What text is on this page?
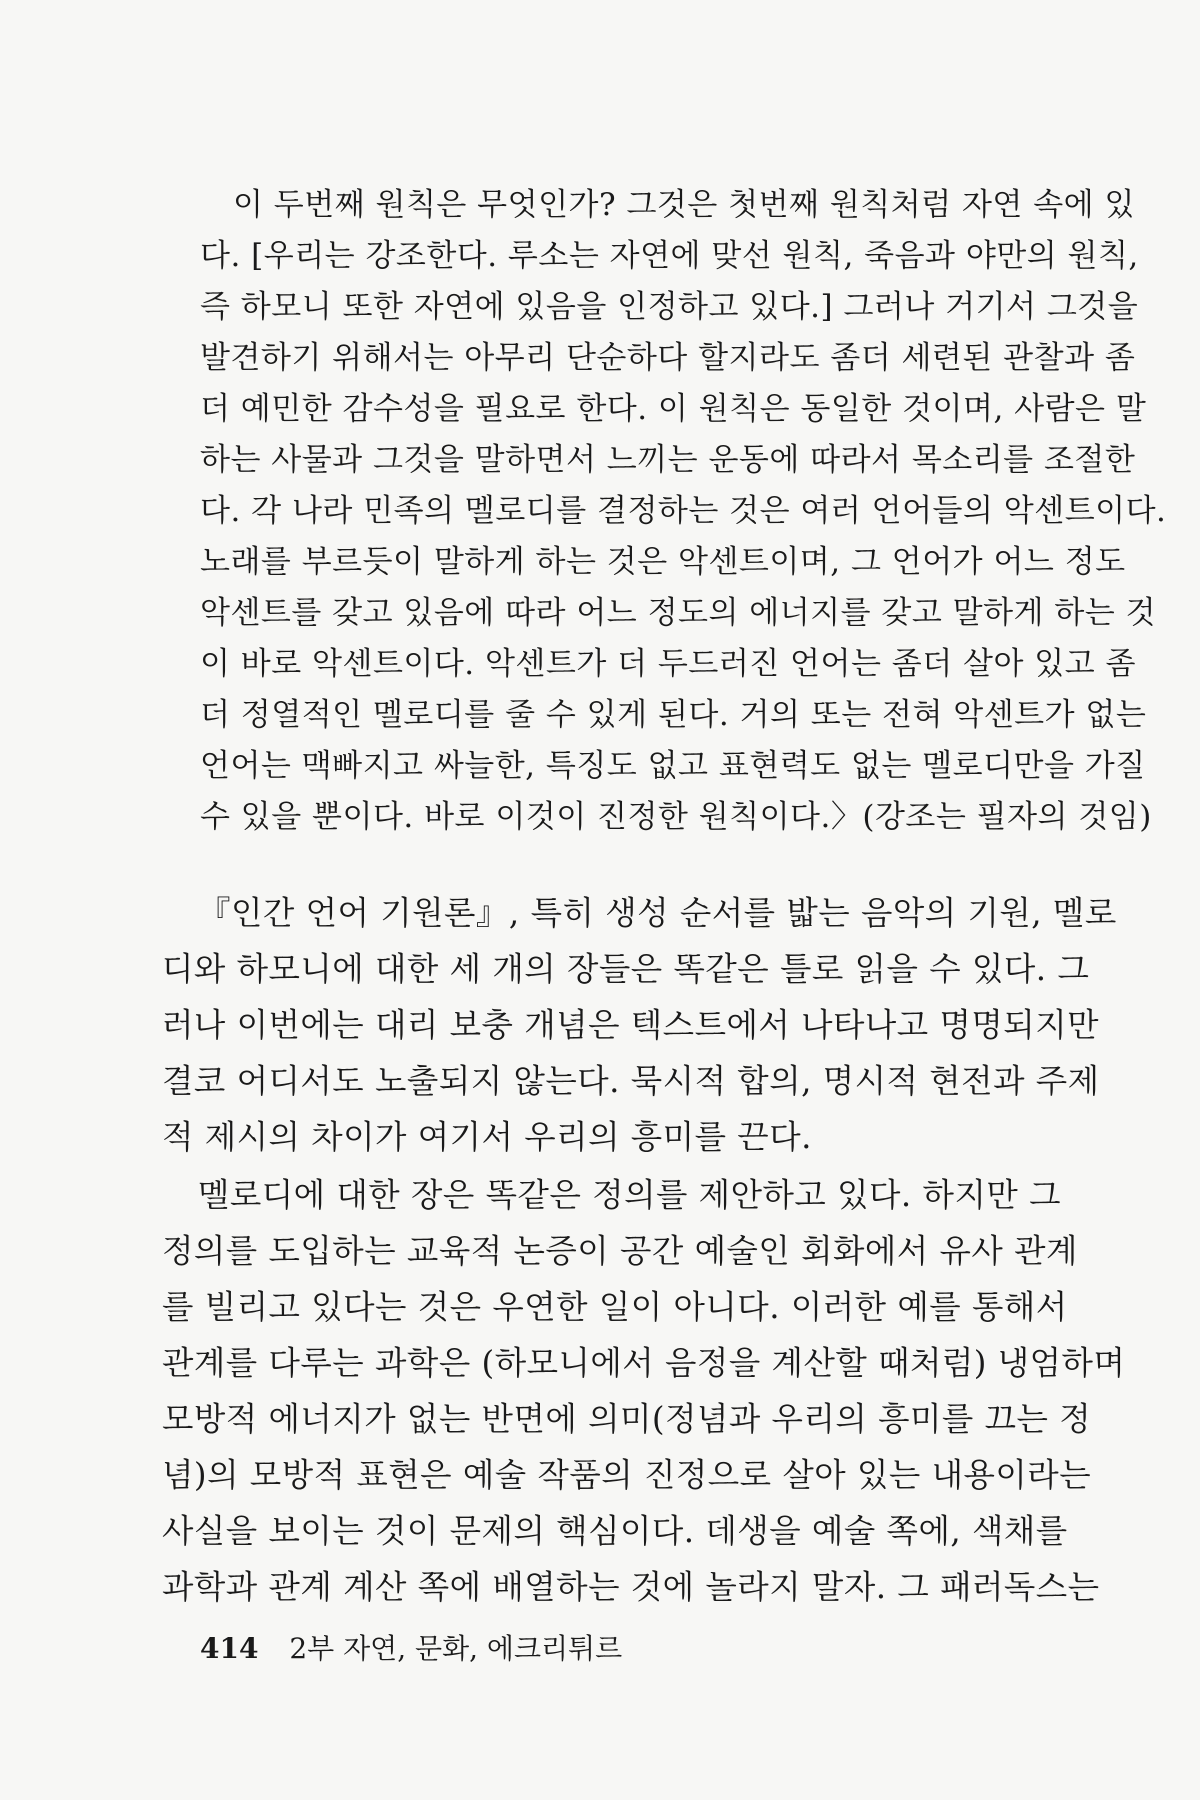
이 두번째 원칙은 무엇인가? 그것은 첫번째 원칙처럼 자연 속에 있
다. [우리는 강조한다. 루소는 자연에 맞선 원칙, 죽음과 야만의 원칙,
즉 하모니 또한 자연에 있음을 인정하고 있다.] 그러나 거기서 그것을
발견하기 위해서는 아무리 단순하다 할지라도 좀더 세련된 관찰과 좀
더 예민한 감수성을 필요로 한다. 이 원칙은 동일한 것이며, 사람은 말
하는 사물과 그것을 말하면서 느끼는 운동에 따라서 목소리를 조절한
다. 각 나라 민족의 멜로디를 결정하는 것은 여러 언어들의 악센트이다.
노래를 부르듯이 말하게 하는 것은 악센트이며, 그 언어가 어느 정도
악센트를 갖고 있음에 따라 어느 정도의 에너지를 갖고 말하게 하는 것
이 바로 악센트이다. 악센트가 더 두드러진 언어는 좀더 살아 있고 좀
더 정열적인 멜로디를 줄 수 있게 된다. 거의 또는 전혀 악센트가 없는
언어는 맥빠지고 싸늘한, 특징도 없고 표현력도 없는 멜로디만을 가질
수 있을 뿐이다. 바로 이것이 진정한 원칙이다.〉(강조는 필자의 것임)
『인간 언어 기원론』, 특히 생성 순서를 밟는 음악의 기원, 멜로
디와 하모니에 대한 세 개의 장들은 똑같은 틀로 읽을 수 있다. 그
러나 이번에는 대리 보충 개념은 텍스트에서 나타나고 명명되지만
결코 어디서도 노출되지 않는다. 묵시적 합의, 명시적 현전과 주제
적 제시의 차이가 여기서 우리의 흥미를 끈다.
멜로디에 대한 장은 똑같은 정의를 제안하고 있다. 하지만 그
정의를 도입하는 교육적 논증이 공간 예술인 회화에서 유사 관계
를 빌리고 있다는 것은 우연한 일이 아니다. 이러한 예를 통해서
관계를 다루는 과학은 (하모니에서 음정을 계산할 때처럼) 냉엄하며
모방적 에너지가 없는 반면에 의미(정념과 우리의 흥미를 끄는 정
념)의 모방적 표현은 예술 작품의 진정으로 살아 있는 내용이라는
사실을 보이는 것이 문제의 핵심이다. 데생을 예술 쪽에, 색채를
과학과 관계 계산 쪽에 배열하는 것에 놀라지 말자. 그 패러독스는
414 2부 자연, 문화, 에크리튀르
